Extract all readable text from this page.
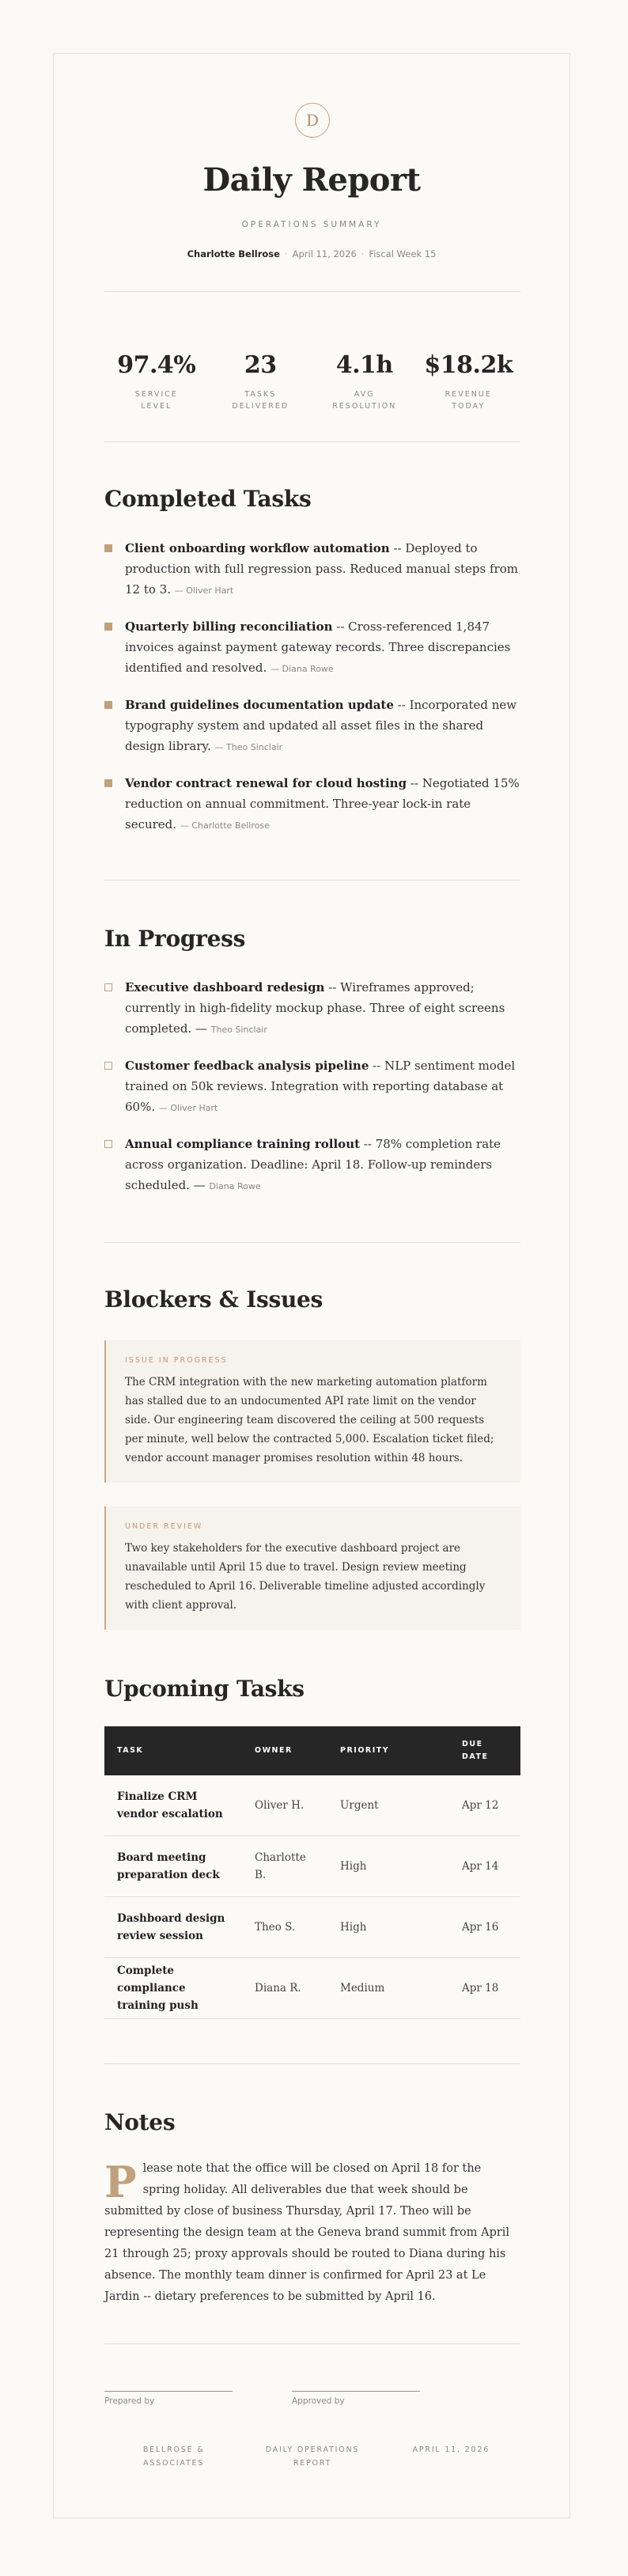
D
Daily Report
OPERATIONS SUMMARY
Charlotte Bellrose · April 11, 2026 · Fiscal Week 15
97.4%
SERVICE
LEVEL
23
TASKS
DELIVERED
4.1h
AVG
RESOLUTION
$18.2k
REVENUE
TODAY
Completed Tasks
Client onboarding workflow automation -- Deployed to production with full regression pass. Reduced manual steps from 12 to 3. — Oliver Hart
Quarterly billing reconciliation -- Cross-referenced 1,847 invoices against payment gateway records. Three discrepancies identified and resolved. — Diana Rowe
Brand guidelines documentation update -- Incorporated new typography system and updated all asset files in the shared design library. — Theo Sinclair
Vendor contract renewal for cloud hosting -- Negotiated 15% reduction on annual commitment. Three-year lock-in rate secured. — Charlotte Bellrose
In Progress
Executive dashboard redesign -- Wireframes approved; currently in high-fidelity mockup phase. Three of eight screens completed. — Theo Sinclair
Customer feedback analysis pipeline -- NLP sentiment model trained on 50k reviews. Integration with reporting database at 60%. — Oliver Hart
Annual compliance training rollout -- 78% completion rate across organization. Deadline: April 18. Follow-up reminders scheduled. — Diana Rowe
Blockers & Issues
ISSUE IN PROGRESS
The CRM integration with the new marketing automation platform has stalled due to an undocumented API rate limit on the vendor side. Our engineering team discovered the ceiling at 500 requests per minute, well below the contracted 5,000. Escalation ticket filed; vendor account manager promises resolution within 48 hours.
UNDER REVIEW
Two key stakeholders for the executive dashboard project are unavailable until April 15 due to travel. Design review meeting rescheduled to April 16. Deliverable timeline adjusted accordingly with client approval.
Upcoming Tasks
TASK	OWNER	PRIORITY	DUE DATE
Finalize CRM vendor escalation	Oliver H.	Urgent	Apr 12
Board meeting preparation deck	Charlotte B.	High	Apr 14
Dashboard design review session	Theo S.	High	Apr 16
Complete compliance training push	Diana R.	Medium	Apr 18
Notes
Please note that the office will be closed on April 18 for the spring holiday. All deliverables due that week should be submitted by close of business Thursday, April 17. Theo will be representing the design team at the Geneva brand summit from April 21 through 25; proxy approvals should be routed to Diana during his absence. The monthly team dinner is confirmed for April 23 at Le Jardin -- dietary preferences to be submitted by April 16.
Prepared by	Approved by
BELLROSE &
ASSOCIATES
DAILY OPERATIONS
REPORT
APRIL 11, 2026
